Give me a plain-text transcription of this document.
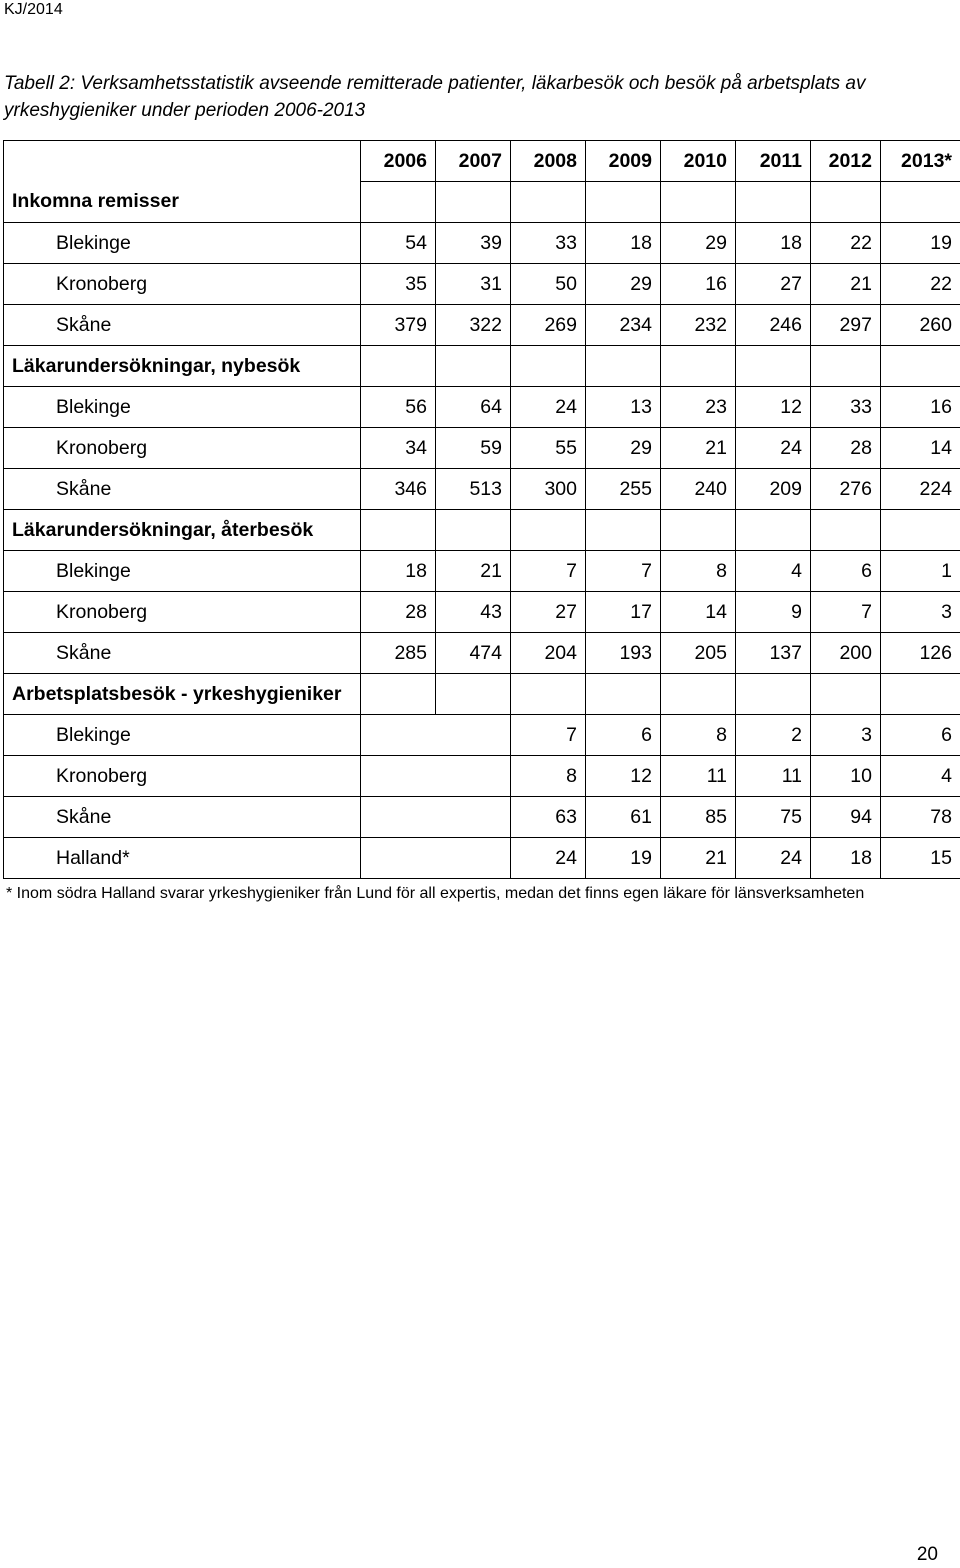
KJ/2014
Tabell 2: Verksamhetsstatistik avseende remitterade patienter, läkarbesök och besök på arbetsplats av yrkeshygieniker under perioden 2006-2013
	2006	2007	2008	2009	2010	2011	2012	2013*
Inkomna remisser								
Blekinge	54	39	33	18	29	18	22	19
Kronoberg	35	31	50	29	16	27	21	22
Skåne	379	322	269	234	232	246	297	260
Läkarundersökningar, nybesök								
Blekinge	56	64	24	13	23	12	33	16
Kronoberg	34	59	55	29	21	24	28	14
Skåne	346	513	300	255	240	209	276	224
Läkarundersökningar, återbesök								
Blekinge	18	21	7	7	8	4	6	1
Kronoberg	28	43	27	17	14	9	7	3
Skåne	285	474	204	193	205	137	200	126
Arbetsplatsbesök - yrkeshygieniker								
Blekinge			7	6	8	2	3	6
Kronoberg			8	12	11	11	10	4
Skåne			63	61	85	75	94	78
Halland*			24	19	21	24	18	15
* Inom södra Halland svarar yrkeshygieniker från Lund för all expertis, medan det finns egen läkare för länsverksamheten
20
